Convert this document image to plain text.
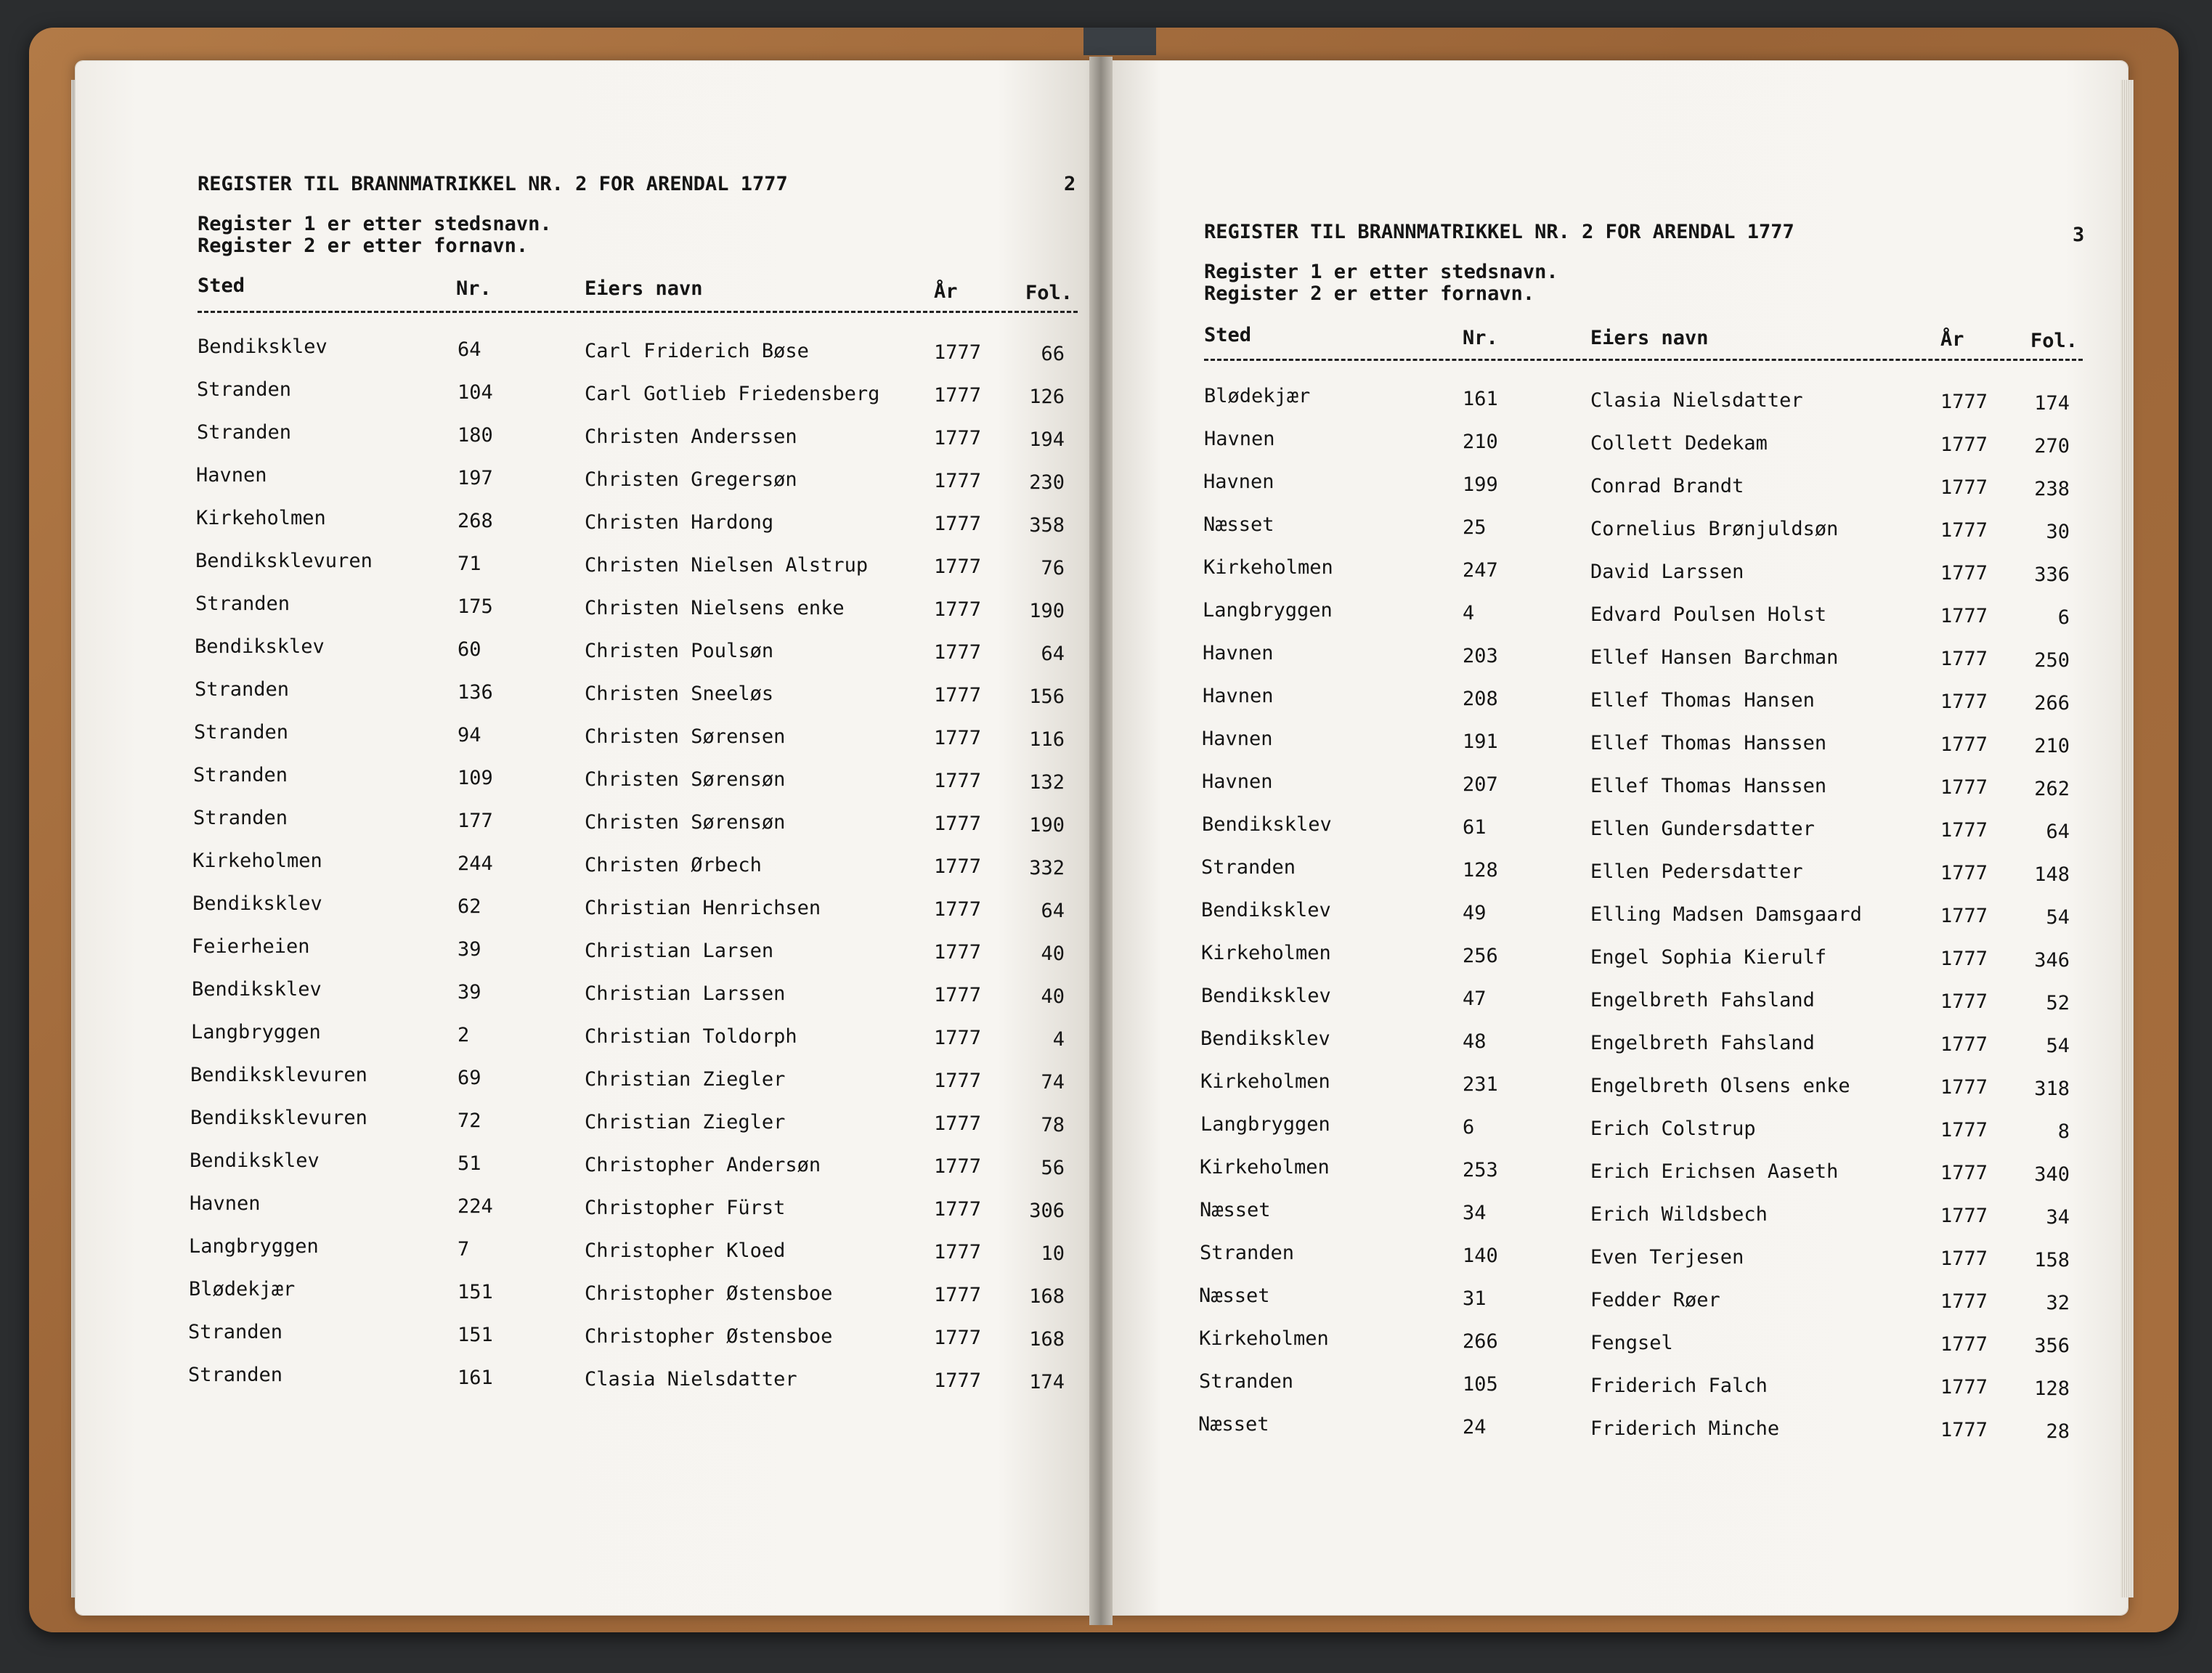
REGISTER TIL BRANNMATRIKKEL NR. 2 FOR ARENDAL 1777	2
Register 1 er etter stedsnavn.
Register 2 er etter fornavn.
Sted	Nr.	Eiers navn	År	Fol.
Bendiksklev	64	Carl Friderich Bøse	1777	66
Stranden	104	Carl Gotlieb Friedensberg	1777	126
Stranden	180	Christen Anderssen	1777	194
Havnen	197	Christen Gregersøn	1777	230
Kirkeholmen	268	Christen Hardong	1777	358
Bendiksklevuren	71	Christen Nielsen Alstrup	1777	76
Stranden	175	Christen Nielsens enke	1777	190
Bendiksklev	60	Christen Poulsøn	1777	64
Stranden	136	Christen Sneeløs	1777	156
Stranden	94	Christen Sørensen	1777	116
Stranden	109	Christen Sørensøn	1777	132
Stranden	177	Christen Sørensøn	1777	190
Kirkeholmen	244	Christen Ørbech	1777	332
Bendiksklev	62	Christian Henrichsen	1777	64
Feierheien	39	Christian Larsen	1777	40
Bendiksklev	39	Christian Larssen	1777	40
Langbryggen	2	Christian Toldorph	1777	4
Bendiksklevuren	69	Christian Ziegler	1777	74
Bendiksklevuren	72	Christian Ziegler	1777	78
Bendiksklev	51	Christopher Andersøn	1777	56
Havnen	224	Christopher Fürst	1777	306
Langbryggen	7	Christopher Kloed	1777	10
Blødekjær	151	Christopher Østensboe	1777	168
Stranden	151	Christopher Østensboe	1777	168
Stranden	161	Clasia Nielsdatter	1777	174
REGISTER TIL BRANNMATRIKKEL NR. 2 FOR ARENDAL 1777	3
Register 1 er etter stedsnavn.
Register 2 er etter fornavn.
Sted	Nr.	Eiers navn	År	Fol.
Blødekjær	161	Clasia Nielsdatter	1777	174
Havnen	210	Collett Dedekam	1777	270
Havnen	199	Conrad Brandt	1777	238
Næsset	25	Cornelius Brønjuldsøn	1777	30
Kirkeholmen	247	David Larssen	1777	336
Langbryggen	4	Edvard Poulsen Holst	1777	6
Havnen	203	Ellef Hansen Barchman	1777	250
Havnen	208	Ellef Thomas Hansen	1777	266
Havnen	191	Ellef Thomas Hanssen	1777	210
Havnen	207	Ellef Thomas Hanssen	1777	262
Bendiksklev	61	Ellen Gundersdatter	1777	64
Stranden	128	Ellen Pedersdatter	1777	148
Bendiksklev	49	Elling Madsen Damsgaard	1777	54
Kirkeholmen	256	Engel Sophia Kierulf	1777	346
Bendiksklev	47	Engelbreth Fahsland	1777	52
Bendiksklev	48	Engelbreth Fahsland	1777	54
Kirkeholmen	231	Engelbreth Olsens enke	1777	318
Langbryggen	6	Erich Colstrup	1777	8
Kirkeholmen	253	Erich Erichsen Aaseth	1777	340
Næsset	34	Erich Wildsbech	1777	34
Stranden	140	Even Terjesen	1777	158
Næsset	31	Fedder Røer	1777	32
Kirkeholmen	266	Fengsel	1777	356
Stranden	105	Friderich Falch	1777	128
Næsset	24	Friderich Minche	1777	28
